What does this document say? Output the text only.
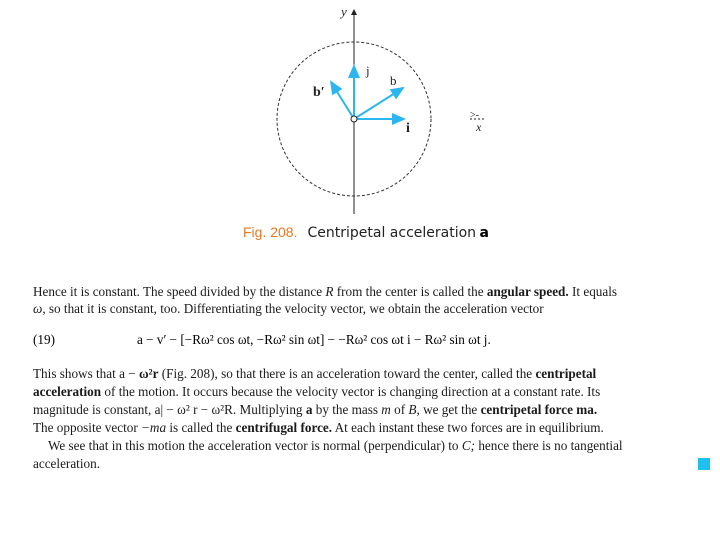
y
j
b
b′
i
>-
x
Fig. 208. Centripetal acceleration a
Hence it is constant. The speed divided by the distance R from the center is called the angular speed. It equals
ω, so that it is constant, too. Differentiating the velocity vector, we obtain the acceleration vector
(19)	a − v′ − [−Rω² cos ωt, −Rω² sin ωt] − −Rω² cos ωt i − Rω² sin ωt j.
This shows that a − ω²r (Fig. 208), so that there is an acceleration toward the center, called the centripetal
acceleration of the motion. It occurs because the velocity vector is changing direction at a constant rate. Its
magnitude is constant, a| − ω² r − ω²R. Multiplying a by the mass m of B, we get the centripetal force ma.
The opposite vector −ma is called the centrifugal force. At each instant these two forces are in equilibrium.
We see that in this motion the acceleration vector is normal (perpendicular) to C; hence there is no tangential
acceleration.
